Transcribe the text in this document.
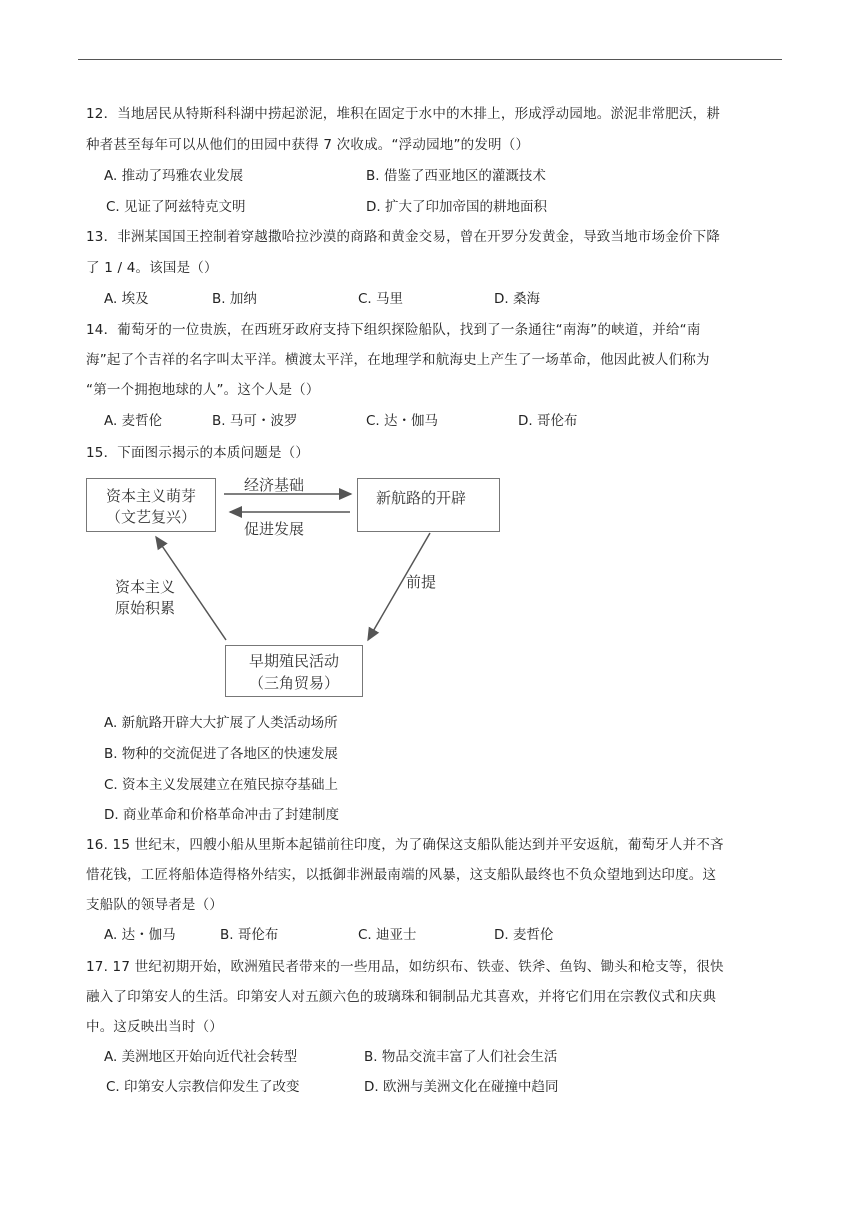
12．当地居民从特斯科科湖中捞起淤泥，堆积在固定于水中的木排上，形成浮动园地。淤泥非常肥沃，耕
种者甚至每年可以从他们的田园中获得 7 次收成。“浮动园地”的发明（）
A. 推动了玛雅农业发展	B. 借鉴了西亚地区的灌溉技术
C. 见证了阿兹特克文明	D. 扩大了印加帝国的耕地面积
13．非洲某国国王控制着穿越撒哈拉沙漠的商路和黄金交易，曾在开罗分发黄金，导致当地市场金价下降
了 1 / 4。该国是（）
A. 埃及	B. 加纳	C. 马里	D. 桑海
14．葡萄牙的一位贵族，在西班牙政府支持下组织探险船队，找到了一条通往“南海”的峡道，并给“南
海”起了个吉祥的名字叫太平洋。横渡太平洋，在地理学和航海史上产生了一场革命，他因此被人们称为
“第一个拥抱地球的人”。这个人是（）
A. 麦哲伦	B. 马可・波罗	C. 达・伽马	D. 哥伦布
15．下面图示揭示的本质问题是（）
资本主义萌芽
（文艺复兴）
新航路的开辟
早期殖民活动
（三角贸易）
经济基础
促进发展
前提
资本主义
原始积累
A. 新航路开辟大大扩展了人类活动场所
B. 物种的交流促进了各地区的快速发展
C. 资本主义发展建立在殖民掠夺基础上
D. 商业革命和价格革命冲击了封建制度
16. 15 世纪末，四艘小船从里斯本起锚前往印度，为了确保这支船队能达到并平安返航，葡萄牙人并不吝
惜花钱，工匠将船体造得格外结实，以抵御非洲最南端的风暴，这支船队最终也不负众望地到达印度。这
支船队的领导者是（）
A. 达・伽马	B. 哥伦布	C. 迪亚士	D. 麦哲伦
17. 17 世纪初期开始，欧洲殖民者带来的一些用品，如纺织布、铁壶、铁斧、鱼钩、锄头和枪支等，很快
融入了印第安人的生活。印第安人对五颜六色的玻璃珠和铜制品尤其喜欢，并将它们用在宗教仪式和庆典
中。这反映出当时（）
A. 美洲地区开始向近代社会转型	B. 物品交流丰富了人们社会生活
C. 印第安人宗教信仰发生了改变	D. 欧洲与美洲文化在碰撞中趋同
